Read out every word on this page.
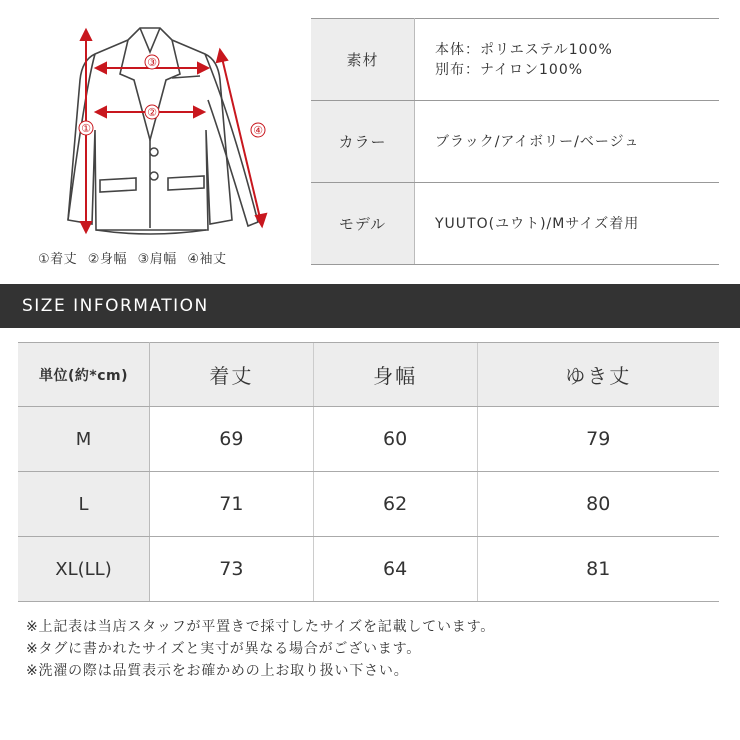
③
②
①	④
①着丈 ②身幅 ③肩幅 ④袖丈
素材	本体：ポリエステル100%
別布：ナイロン100%

カラー	ブラック/アイボリー/ベージュ
モデル	YUUTO(ユウト)/Mサイズ着用
SIZE INFORMATION
単位(約*cm)	着丈	身幅	ゆき丈
M	69	60	79
L	71	62	80
XL(LL)	73	64	81
※上記表は当店スタッフが平置きで採寸したサイズを記載しています。
※タグに書かれたサイズと実寸が異なる場合がございます。
※洗濯の際は品質表示をお確かめの上お取り扱い下さい。
